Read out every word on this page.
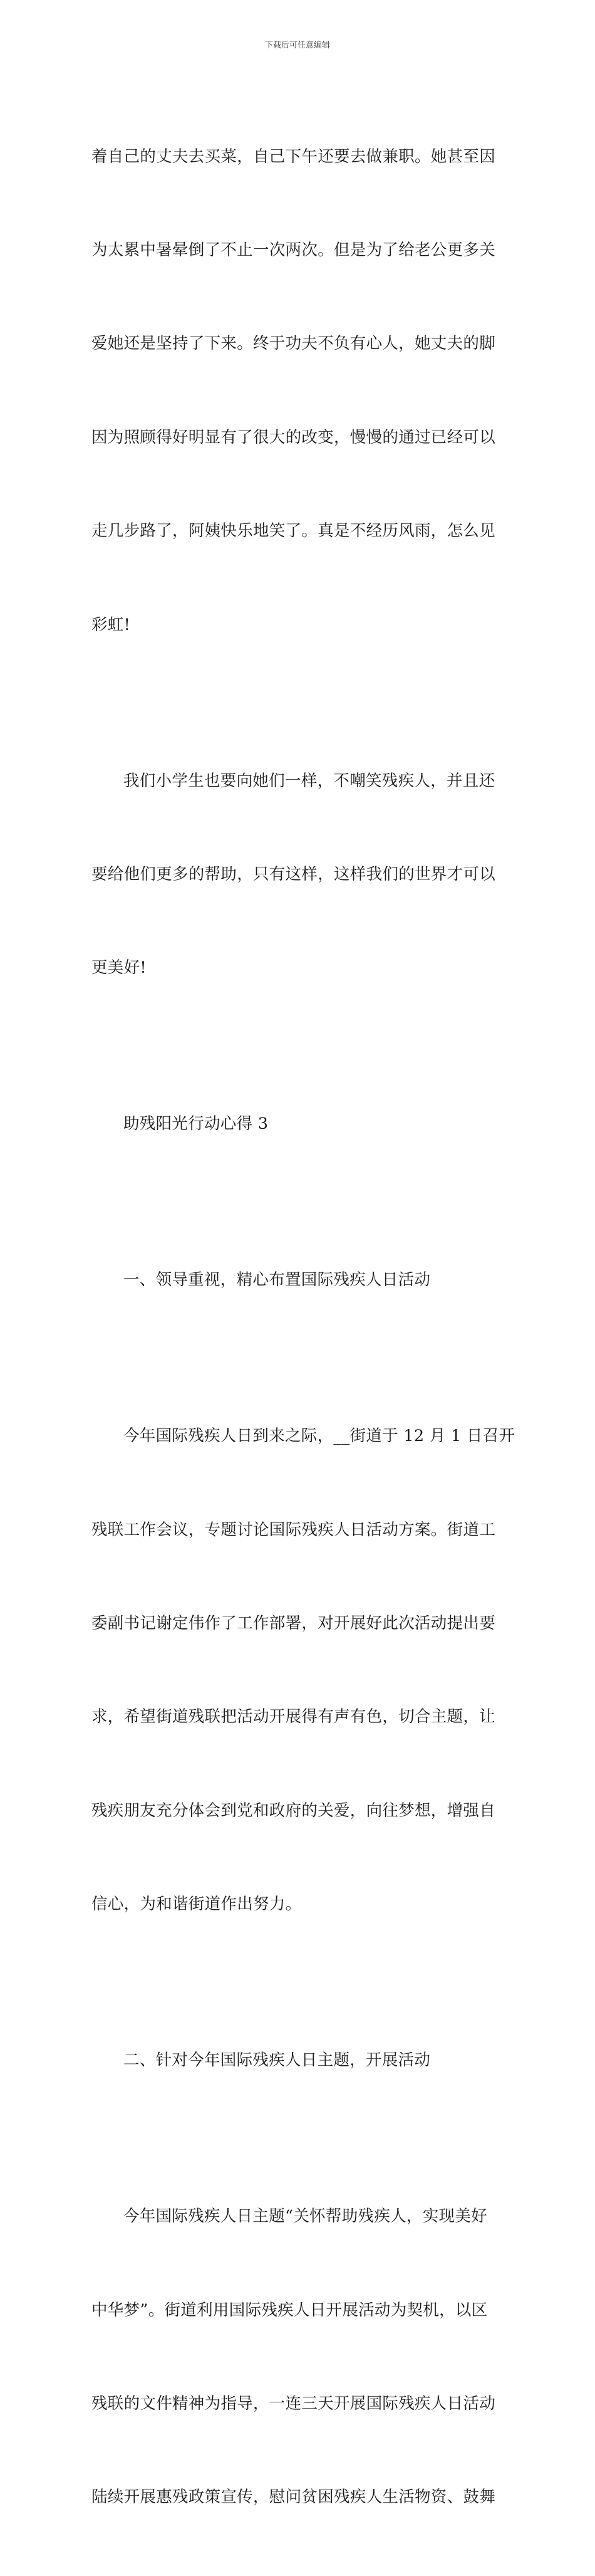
下载后可任意编辑

着自己的丈夫去买菜，自己下午还要去做兼职。她甚至因

为太累中暑晕倒了不止一次两次。但是为了给老公更多关

爱她还是坚持了下来。终于功夫不负有心人，她丈夫的脚

因为照顾得好明显有了很大的改变，慢慢的通过已经可以

走几步路了，阿姨快乐地笑了。真是不经历风雨，怎么见

彩虹!

我们小学生也要向她们一样，不嘲笑残疾人，并且还

要给他们更多的帮助，只有这样，这样我们的世界才可以

更美好!

助残阳光行动心得 3

一、领导重视，精心布置国际残疾人日活动

今年国际残疾人日到来之际，__街道于 12 月 1 日召开

残联工作会议，专题讨论国际残疾人日活动方案。街道工

委副书记谢定伟作了工作部署，对开展好此次活动提出要

求，希望街道残联把活动开展得有声有色，切合主题，让

残疾朋友充分体会到党和政府的关爱，向往梦想，增强自

信心，为和谐街道作出努力。

二、针对今年国际残疾人日主题，开展活动

今年国际残疾人日主题“关怀帮助残疾人，实现美好

中华梦”。街道利用国际残疾人日开展活动为契机，以区

残联的文件精神为指导，一连三天开展国际残疾人日活动

陆续开展惠残政策宣传，慰问贫困残疾人生活物资、鼓舞
